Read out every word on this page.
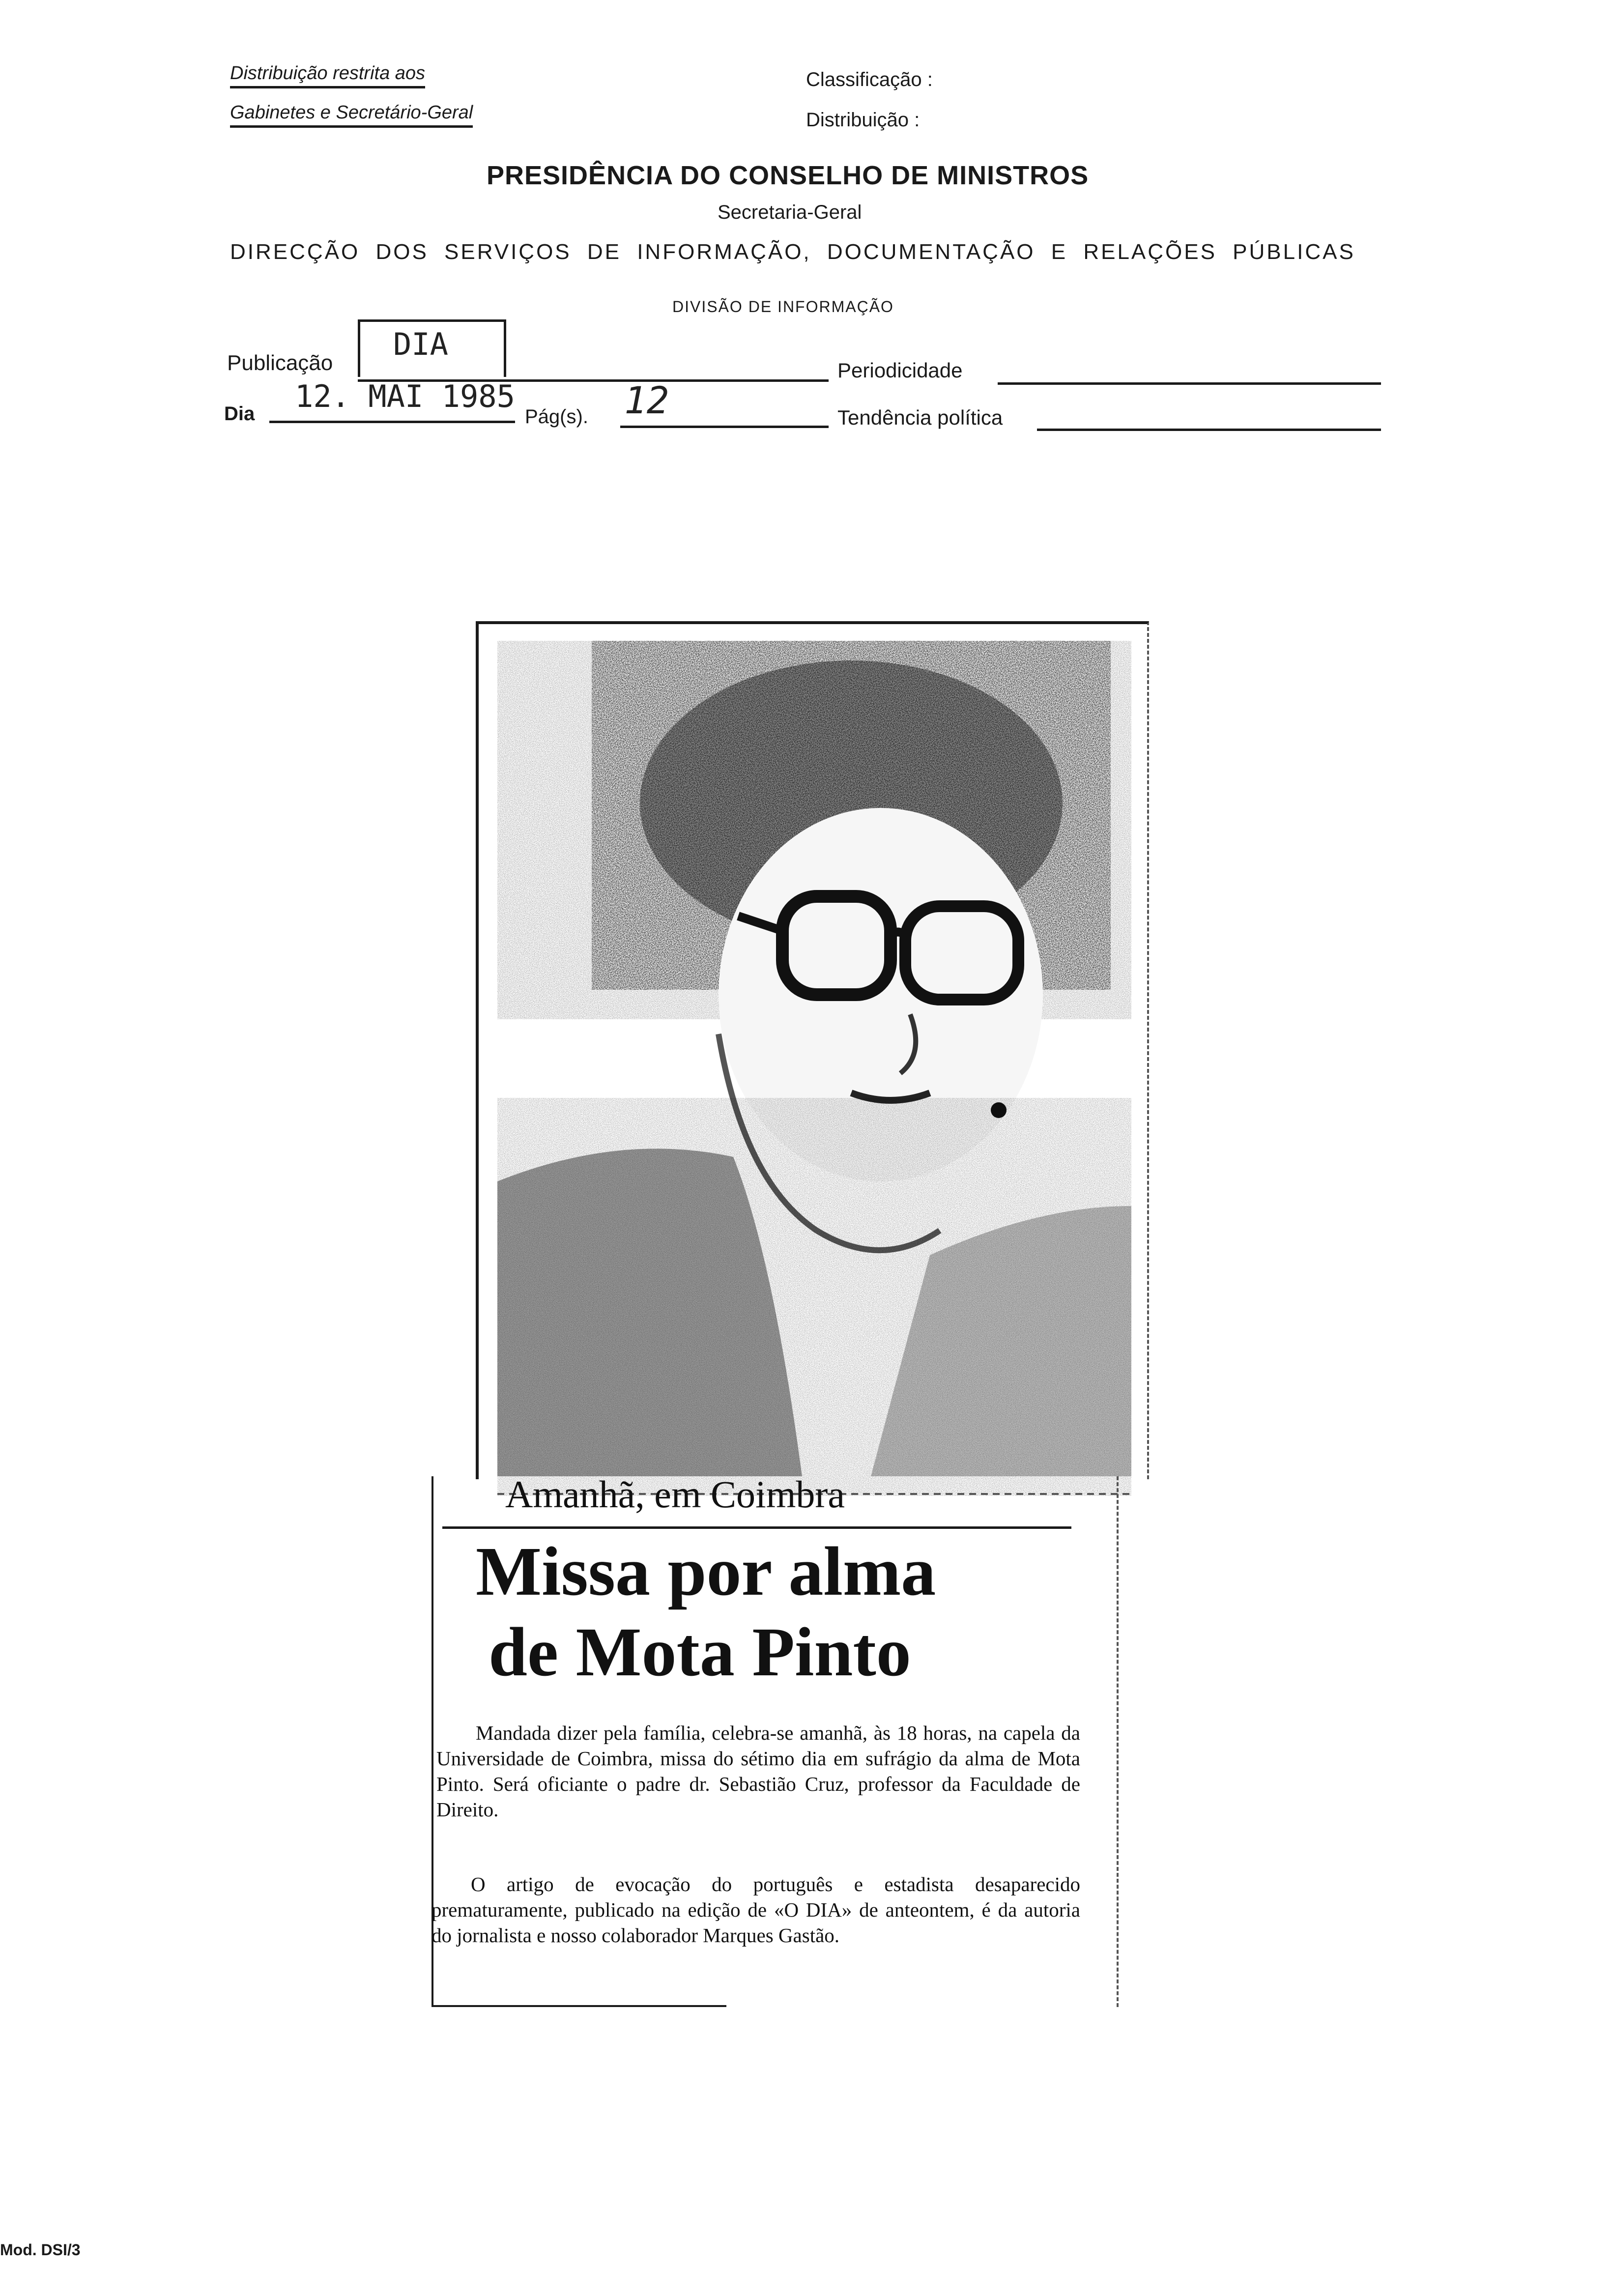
Distribuição restrita aos
Gabinetes e Secretário-Geral
Classificação :
Distribuição :
PRESIDÊNCIA DO CONSELHO DE MINISTROS
Secretaria-Geral
DIRECÇÃO DOS SERVIÇOS DE INFORMAÇÃO, DOCUMENTAÇÃO E RELAÇÕES PÚBLICAS
DIVISÃO DE INFORMAÇÃO
Publicação
DIA
Periodicidade
Dia 12. MAI 1985
Pág(s). 12	Tendência política
Amanhã, em Coimbra
Missa por alma
de Mota Pinto
Mandada dizer pela família, celebra-se amanhã, às 18 horas, na capela da Universidade de Coimbra, missa do sétimo dia em sufrágio da alma de Mota Pinto. Será oficiante o padre dr. Sebastião Cruz, professor da Faculdade de Direito.
O artigo de evocação do português e estadista desaparecido prematuramente, publicado na edição de «O DIA» de anteontem, é da autoria do jornalista e nosso colaborador Marques Gastão.
Mod. DSI/3
